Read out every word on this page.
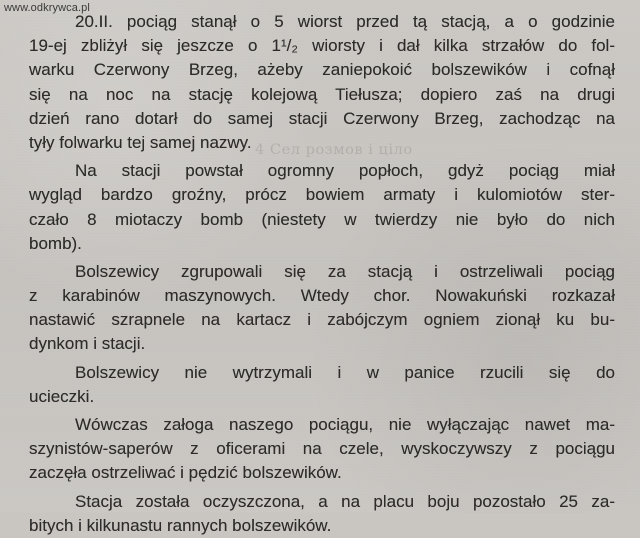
4 Сел розмов і ціло
www.odkrywca.pl
20.II. pociąg stanął o 5 wiorst przed tą stacją, a o godzinie
19-ej zbliżył się jeszcze o 1¹/₂ wiorsty i dał kilka strzałów do fol-
warku Czerwony Brzeg, ażeby zaniepokoić bolszewików i cofnął
się na noc na stację kolejową Tiełusza; dopiero zaś na drugi
dzień rano dotarł do samej stacji Czerwony Brzeg, zachodząc na
tyły folwarku tej samej nazwy.
Na stacji powstał ogromny popłoch, gdyż pociąg miał
wygląd bardzo groźny, prócz bowiem armaty i kulomiotów ster-
czało 8 miotaczy bomb (niestety w twierdzy nie było do nich
bomb).
Bolszewicy zgrupowali się za stacją i ostrzeliwali pociąg
z karabinów maszynowych. Wtedy chor. Nowakuński rozkazał
nastawić szrapnele na kartacz i zabójczym ogniem zionął ku bu-
dynkom i stacji.
Bolszewicy nie wytrzymali i w panice rzucili się do
ucieczki.
Wówczas załoga naszego pociągu, nie wyłączając nawet ma-
szynistów-saperów z oficerami na czele, wyskoczywszy z pociągu
zaczęła ostrzeliwać i pędzić bolszewików.
Stacja została oczyszczona, a na placu boju pozostało 25 za-
bitych i kilkunastu rannych bolszewików.
